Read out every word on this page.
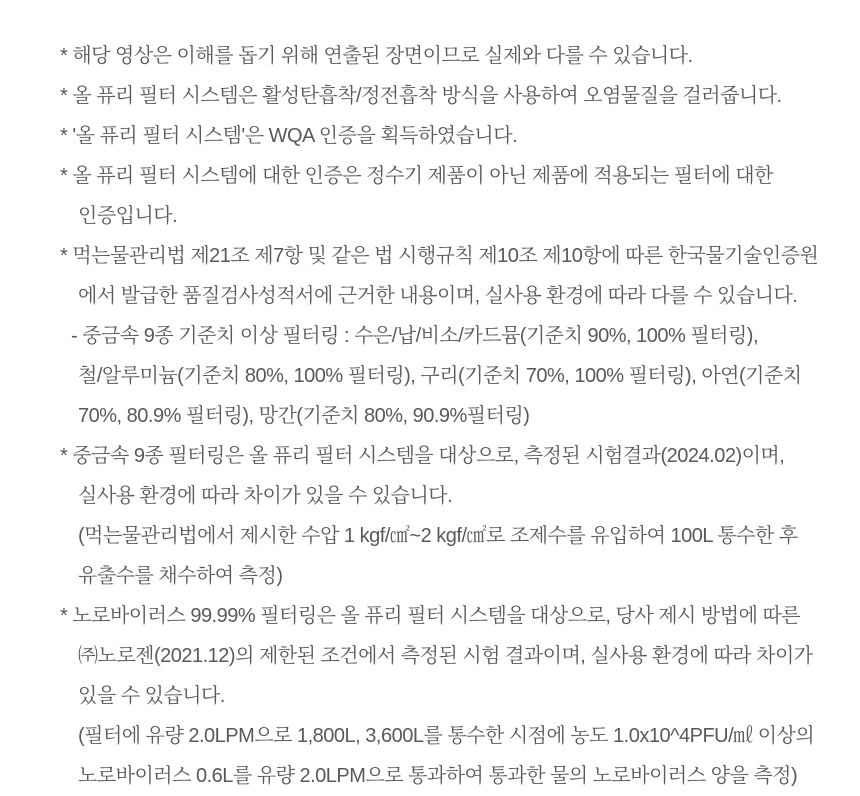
* 해당 영상은 이해를 돕기 위해 연출된 장면이므로 실제와 다를 수 있습니다.
* 올 퓨리 필터 시스템은 활성탄흡착/정전흡착 방식을 사용하여 오염물질을 걸러줍니다.
* '올 퓨리 필터 시스템'은 WQA 인증을 획득하였습니다.
* 올 퓨리 필터 시스템에 대한 인증은 정수기 제품이 아닌 제품에 적용되는 필터에 대한
인증입니다.
* 먹는물관리법 제21조 제7항 및 같은 법 시행규칙 제10조 제10항에 따른 한국물기술인증원
에서 발급한 품질검사성적서에 근거한 내용이며, 실사용 환경에 따라 다를 수 있습니다.
- 중금속 9종 기준치 이상 필터링 : 수은/납/비소/카드뮴(기준치 90%, 100% 필터링),
철/알루미늄(기준치 80%, 100% 필터링), 구리(기준치 70%, 100% 필터링), 아연(기준치
70%, 80.9% 필터링), 망간(기준치 80%, 90.9%필터링)
* 중금속 9종 필터링은 올 퓨리 필터 시스템을 대상으로, 측정된 시험결과(2024.02)이며,
실사용 환경에 따라 차이가 있을 수 있습니다.
(먹는물관리법에서 제시한 수압 1 kgf/㎠~2 kgf/㎠로 조제수를 유입하여 100L 통수한 후
유출수를 채수하여 측정)
* 노로바이러스 99.99% 필터링은 올 퓨리 필터 시스템을 대상으로, 당사 제시 방법에 따른
㈜노로젠(2021.12)의 제한된 조건에서 측정된 시험 결과이며, 실사용 환경에 따라 차이가
있을 수 있습니다.
(필터에 유량 2.0LPM으로 1,800L, 3,600L를 통수한 시점에 농도 1.0x10^4PFU/㎖ 이상의
노로바이러스 0.6L를 유량 2.0LPM으로 통과하여 통과한 물의 노로바이러스 양을 측정)
